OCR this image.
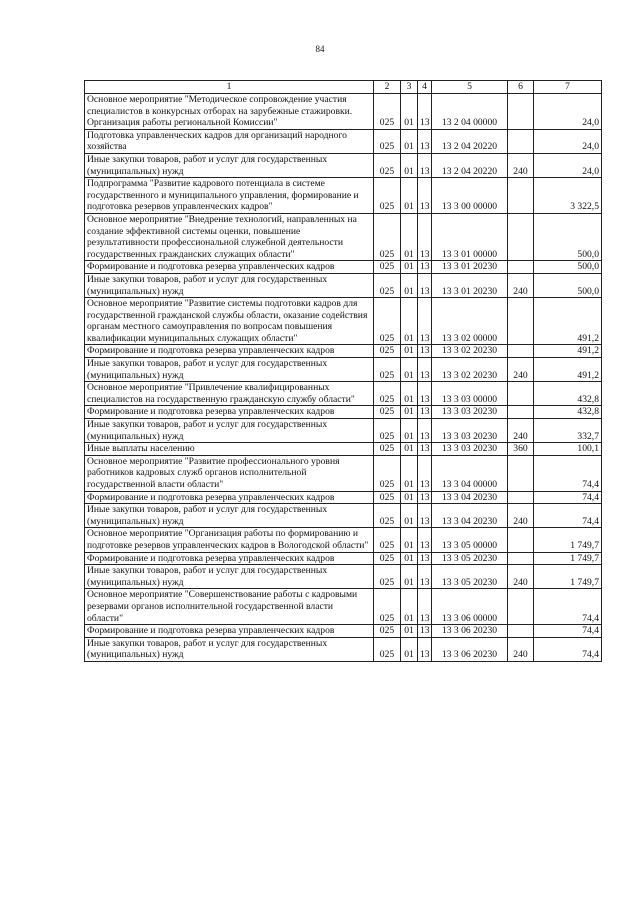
84
1	2	3	4	5	6	7
Основное мероприятие "Методическое сопровождение участия специалистов в конкурсных отборах на зарубежные стажировки. Организация работы региональной Комиссии"	025	01	13	13 2 04 00000		24,0
Подготовка управленческих кадров для организаций народного хозяйства	025	01	13	13 2 04 20220		24,0
Иные закупки товаров, работ и услуг для государственных (муниципальных) нужд	025	01	13	13 2 04 20220	240	24,0
Подпрограмма "Развитие кадрового потенциала в системе государственного и муниципального управления, формирование и подготовка резервов управленческих кадров"	025	01	13	13 3 00 00000		3 322,5
Основное мероприятие "Внедрение технологий, направленных на создание эффективной системы оценки, повышение результативности профессиональной служебной деятельности государственных гражданских служащих области"	025	01	13	13 3 01 00000		500,0
Формирование и подготовка резерва управленческих кадров	025	01	13	13 3 01 20230		500,0
Иные закупки товаров, работ и услуг для государственных (муниципальных) нужд	025	01	13	13 3 01 20230	240	500,0
Основное мероприятие "Развитие системы подготовки кадров для государственной гражданской службы области, оказание содействия органам местного самоуправления по вопросам повышения квалификации муниципальных служащих области"	025	01	13	13 3 02 00000		491,2
Формирование и подготовка резерва управленческих кадров	025	01	13	13 3 02 20230		491,2
Иные закупки товаров, работ и услуг для государственных (муниципальных) нужд	025	01	13	13 3 02 20230	240	491,2
Основное мероприятие "Привлечение квалифицированных специалистов на государственную гражданскую службу области"	025	01	13	13 3 03 00000		432,8
Формирование и подготовка резерва управленческих кадров	025	01	13	13 3 03 20230		432,8
Иные закупки товаров, работ и услуг для государственных (муниципальных) нужд	025	01	13	13 3 03 20230	240	332,7
Иные выплаты населению	025	01	13	13 3 03 20230	360	100,1
Основное мероприятие "Развитие профессионального уровня работников кадровых служб органов исполнительной государственной власти области"	025	01	13	13 3 04 00000		74,4
Формирование и подготовка резерва управленческих кадров	025	01	13	13 3 04 20230		74,4
Иные закупки товаров, работ и услуг для государственных (муниципальных) нужд	025	01	13	13 3 04 20230	240	74,4
Основное мероприятие "Организация работы по формированию и подготовке резервов управленческих кадров в Вологодской области"	025	01	13	13 3 05 00000		1 749,7
Формирование и подготовка резерва управленческих кадров	025	01	13	13 3 05 20230		1 749,7
Иные закупки товаров, работ и услуг для государственных (муниципальных) нужд	025	01	13	13 3 05 20230	240	1 749,7
Основное мероприятие "Совершенствование работы с кадровыми резервами органов исполнительной государственной власти области"	025	01	13	13 3 06 00000		74,4
Формирование и подготовка резерва управленческих кадров	025	01	13	13 3 06 20230		74,4
Иные закупки товаров, работ и услуг для государственных (муниципальных) нужд	025	01	13	13 3 06 20230	240	74,4
